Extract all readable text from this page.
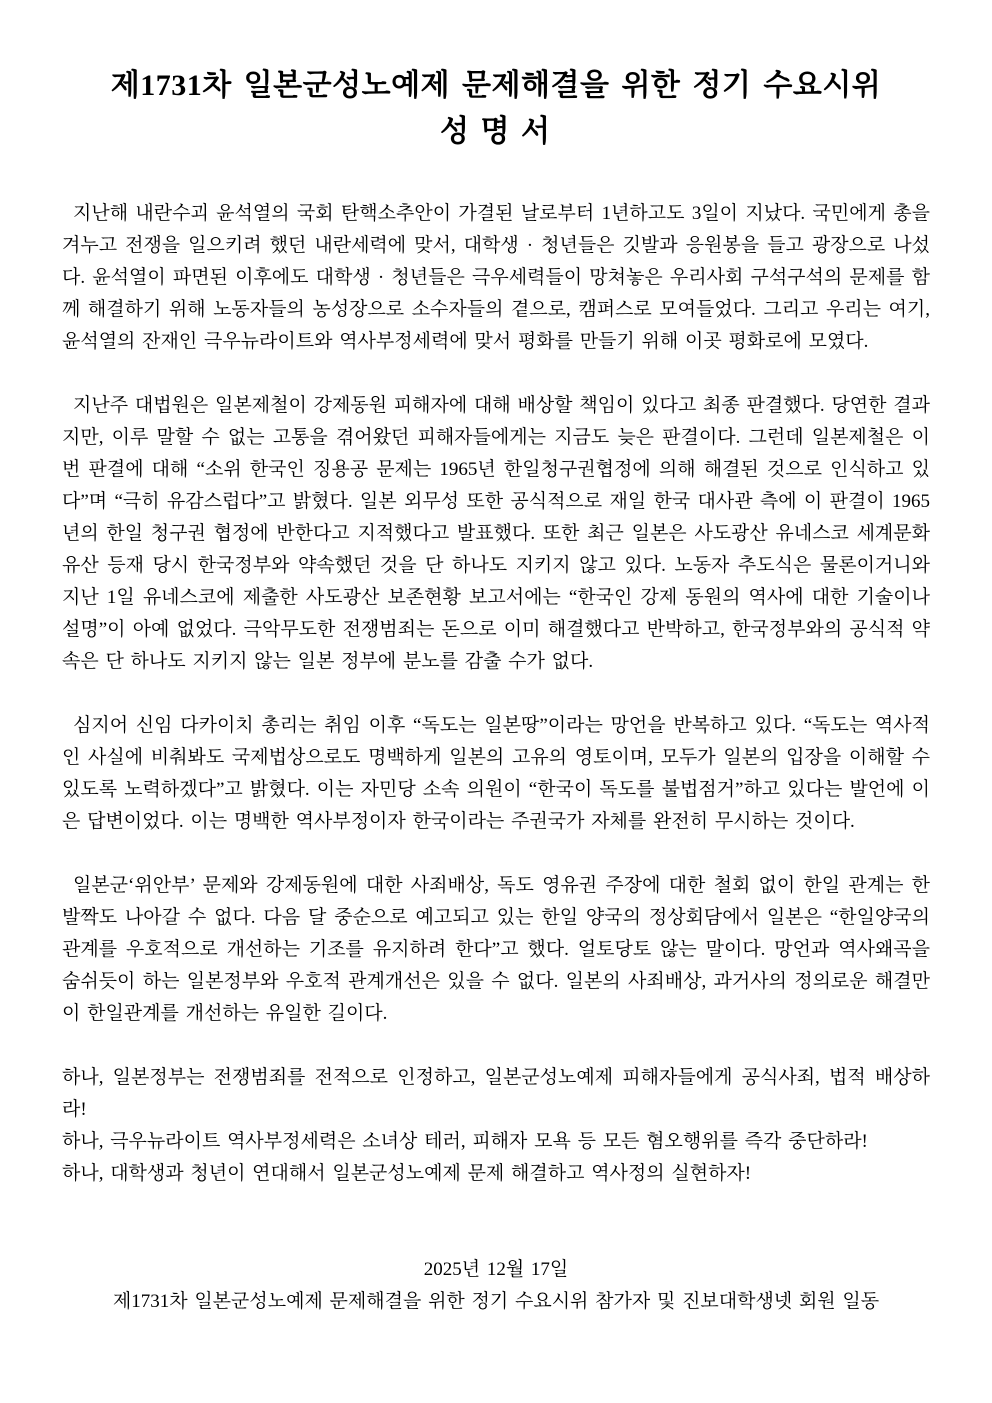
제1731차 일본군성노예제 문제해결을 위한 정기 수요시위
성 명 서

지난해 내란수괴 윤석열의 국회 탄핵소추안이 가결된 날로부터 1년하고도 3일이 지났다. 국민에게 총을 겨누고 전쟁을 일으키려 했던 내란세력에 맞서, 대학생 · 청년들은 깃발과 응원봉을 들고 광장으로 나섰다. 윤석열이 파면된 이후에도 대학생 · 청년들은 극우세력들이 망쳐놓은 우리사회 구석구석의 문제를 함께 해결하기 위해 노동자들의 농성장으로 소수자들의 곁으로, 캠퍼스로 모여들었다. 그리고 우리는 여기, 윤석열의 잔재인 극우뉴라이트와 역사부정세력에 맞서 평화를 만들기 위해 이곳 평화로에 모였다.

지난주 대법원은 일본제철이 강제동원 피해자에 대해 배상할 책임이 있다고 최종 판결했다. 당연한 결과지만, 이루 말할 수 없는 고통을 겪어왔던 피해자들에게는 지금도 늦은 판결이다. 그런데 일본제철은 이번 판결에 대해 “소위 한국인 징용공 문제는 1965년 한일청구권협정에 의해 해결된 것으로 인식하고 있다”며 “극히 유감스럽다”고 밝혔다. 일본 외무성 또한 공식적으로 재일 한국 대사관 측에 이 판결이 1965년의 한일 청구권 협정에 반한다고 지적했다고 발표했다. 또한 최근 일본은 사도광산 유네스코 세계문화유산 등재 당시 한국정부와 약속했던 것을 단 하나도 지키지 않고 있다. 노동자 추도식은 물론이거니와 지난 1일 유네스코에 제출한 사도광산 보존현황 보고서에는 “한국인 강제 동원의 역사에 대한 기술이나 설명”이 아예 없었다. 극악무도한 전쟁범죄는 돈으로 이미 해결했다고 반박하고, 한국정부와의 공식적 약속은 단 하나도 지키지 않는 일본 정부에 분노를 감출 수가 없다.

심지어 신임 다카이치 총리는 취임 이후 “독도는 일본땅”이라는 망언을 반복하고 있다. “독도는 역사적인 사실에 비춰봐도 국제법상으로도 명백하게 일본의 고유의 영토이며, 모두가 일본의 입장을 이해할 수 있도록 노력하겠다”고 밝혔다. 이는 자민당 소속 의원이 “한국이 독도를 불법점거”하고 있다는 발언에 이은 답변이었다. 이는 명백한 역사부정이자 한국이라는 주권국가 자체를 완전히 무시하는 것이다.

일본군‘위안부’ 문제와 강제동원에 대한 사죄배상, 독도 영유권 주장에 대한 철회 없이 한일 관계는 한 발짝도 나아갈 수 없다. 다음 달 중순으로 예고되고 있는 한일 양국의 정상회담에서 일본은 “한일양국의 관계를 우호적으로 개선하는 기조를 유지하려 한다”고 했다. 얼토당토 않는 말이다. 망언과 역사왜곡을 숨쉬듯이 하는 일본정부와 우호적 관계개선은 있을 수 없다. 일본의 사죄배상, 과거사의 정의로운 해결만이 한일관계를 개선하는 유일한 길이다.

하나, 일본정부는 전쟁범죄를 전적으로 인정하고, 일본군성노예제 피해자들에게 공식사죄, 법적 배상하라!

하나, 극우뉴라이트 역사부정세력은 소녀상 테러, 피해자 모욕 등 모든 혐오행위를 즉각 중단하라!

하나, 대학생과 청년이 연대해서 일본군성노예제 문제 해결하고 역사정의 실현하자!

2025년 12월 17일

제1731차 일본군성노예제 문제해결을 위한 정기 수요시위 참가자 및 진보대학생넷 회원 일동
